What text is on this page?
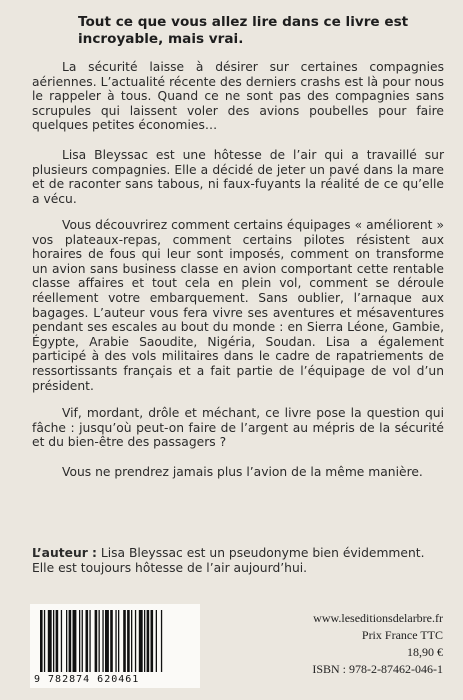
Tout ce que vous allez lire dans ce livre est incroyable, mais vrai.

La sécurité laisse à désirer sur certaines compagnies aériennes. L’actualité récente des derniers crashs est là pour nous le rappeler à tous. Quand ce ne sont pas des compagnies sans scrupules qui laissent voler des avions poubelles pour faire quelques petites économies…

Lisa Bleyssac est une hôtesse de l’air qui a travaillé sur plusieurs compagnies. Elle a décidé de jeter un pavé dans la mare et de raconter sans tabous, ni faux-fuyants la réalité de ce qu’elle a vécu.

Vous découvrirez comment certains équipages « améliorent » vos plateaux-repas, comment certains pilotes résistent aux horaires de fous qui leur sont imposés, comment on transforme un avion sans business classe en avion comportant cette rentable classe affaires et tout cela en plein vol, comment se déroule réellement votre embarquement. Sans oublier, l’arnaque aux bagages. L’auteur vous fera vivre ses aventures et mésaventures pendant ses escales au bout du monde : en Sierra Léone, Gambie, Égypte, Arabie Saoudite, Nigéria, Soudan. Lisa a également participé à des vols militaires dans le cadre de rapatriements de ressortissants français et a fait partie de l’équipage de vol d’un président.

Vif, mordant, drôle et méchant, ce livre pose la question qui fâche : jusqu’où peut-on faire de l’argent au mépris de la sécurité et du bien-être des passagers ?

Vous ne prendrez jamais plus l’avion de la même manière.

L’auteur : Lisa Bleyssac est un pseudonyme bien évidemment. Elle est toujours hôtesse de l’air aujourd’hui.

9 782874 620461
www.leseditionsdelarbre.fr
Prix France TTC
18,90 €
ISBN : 978-2-87462-046-1
